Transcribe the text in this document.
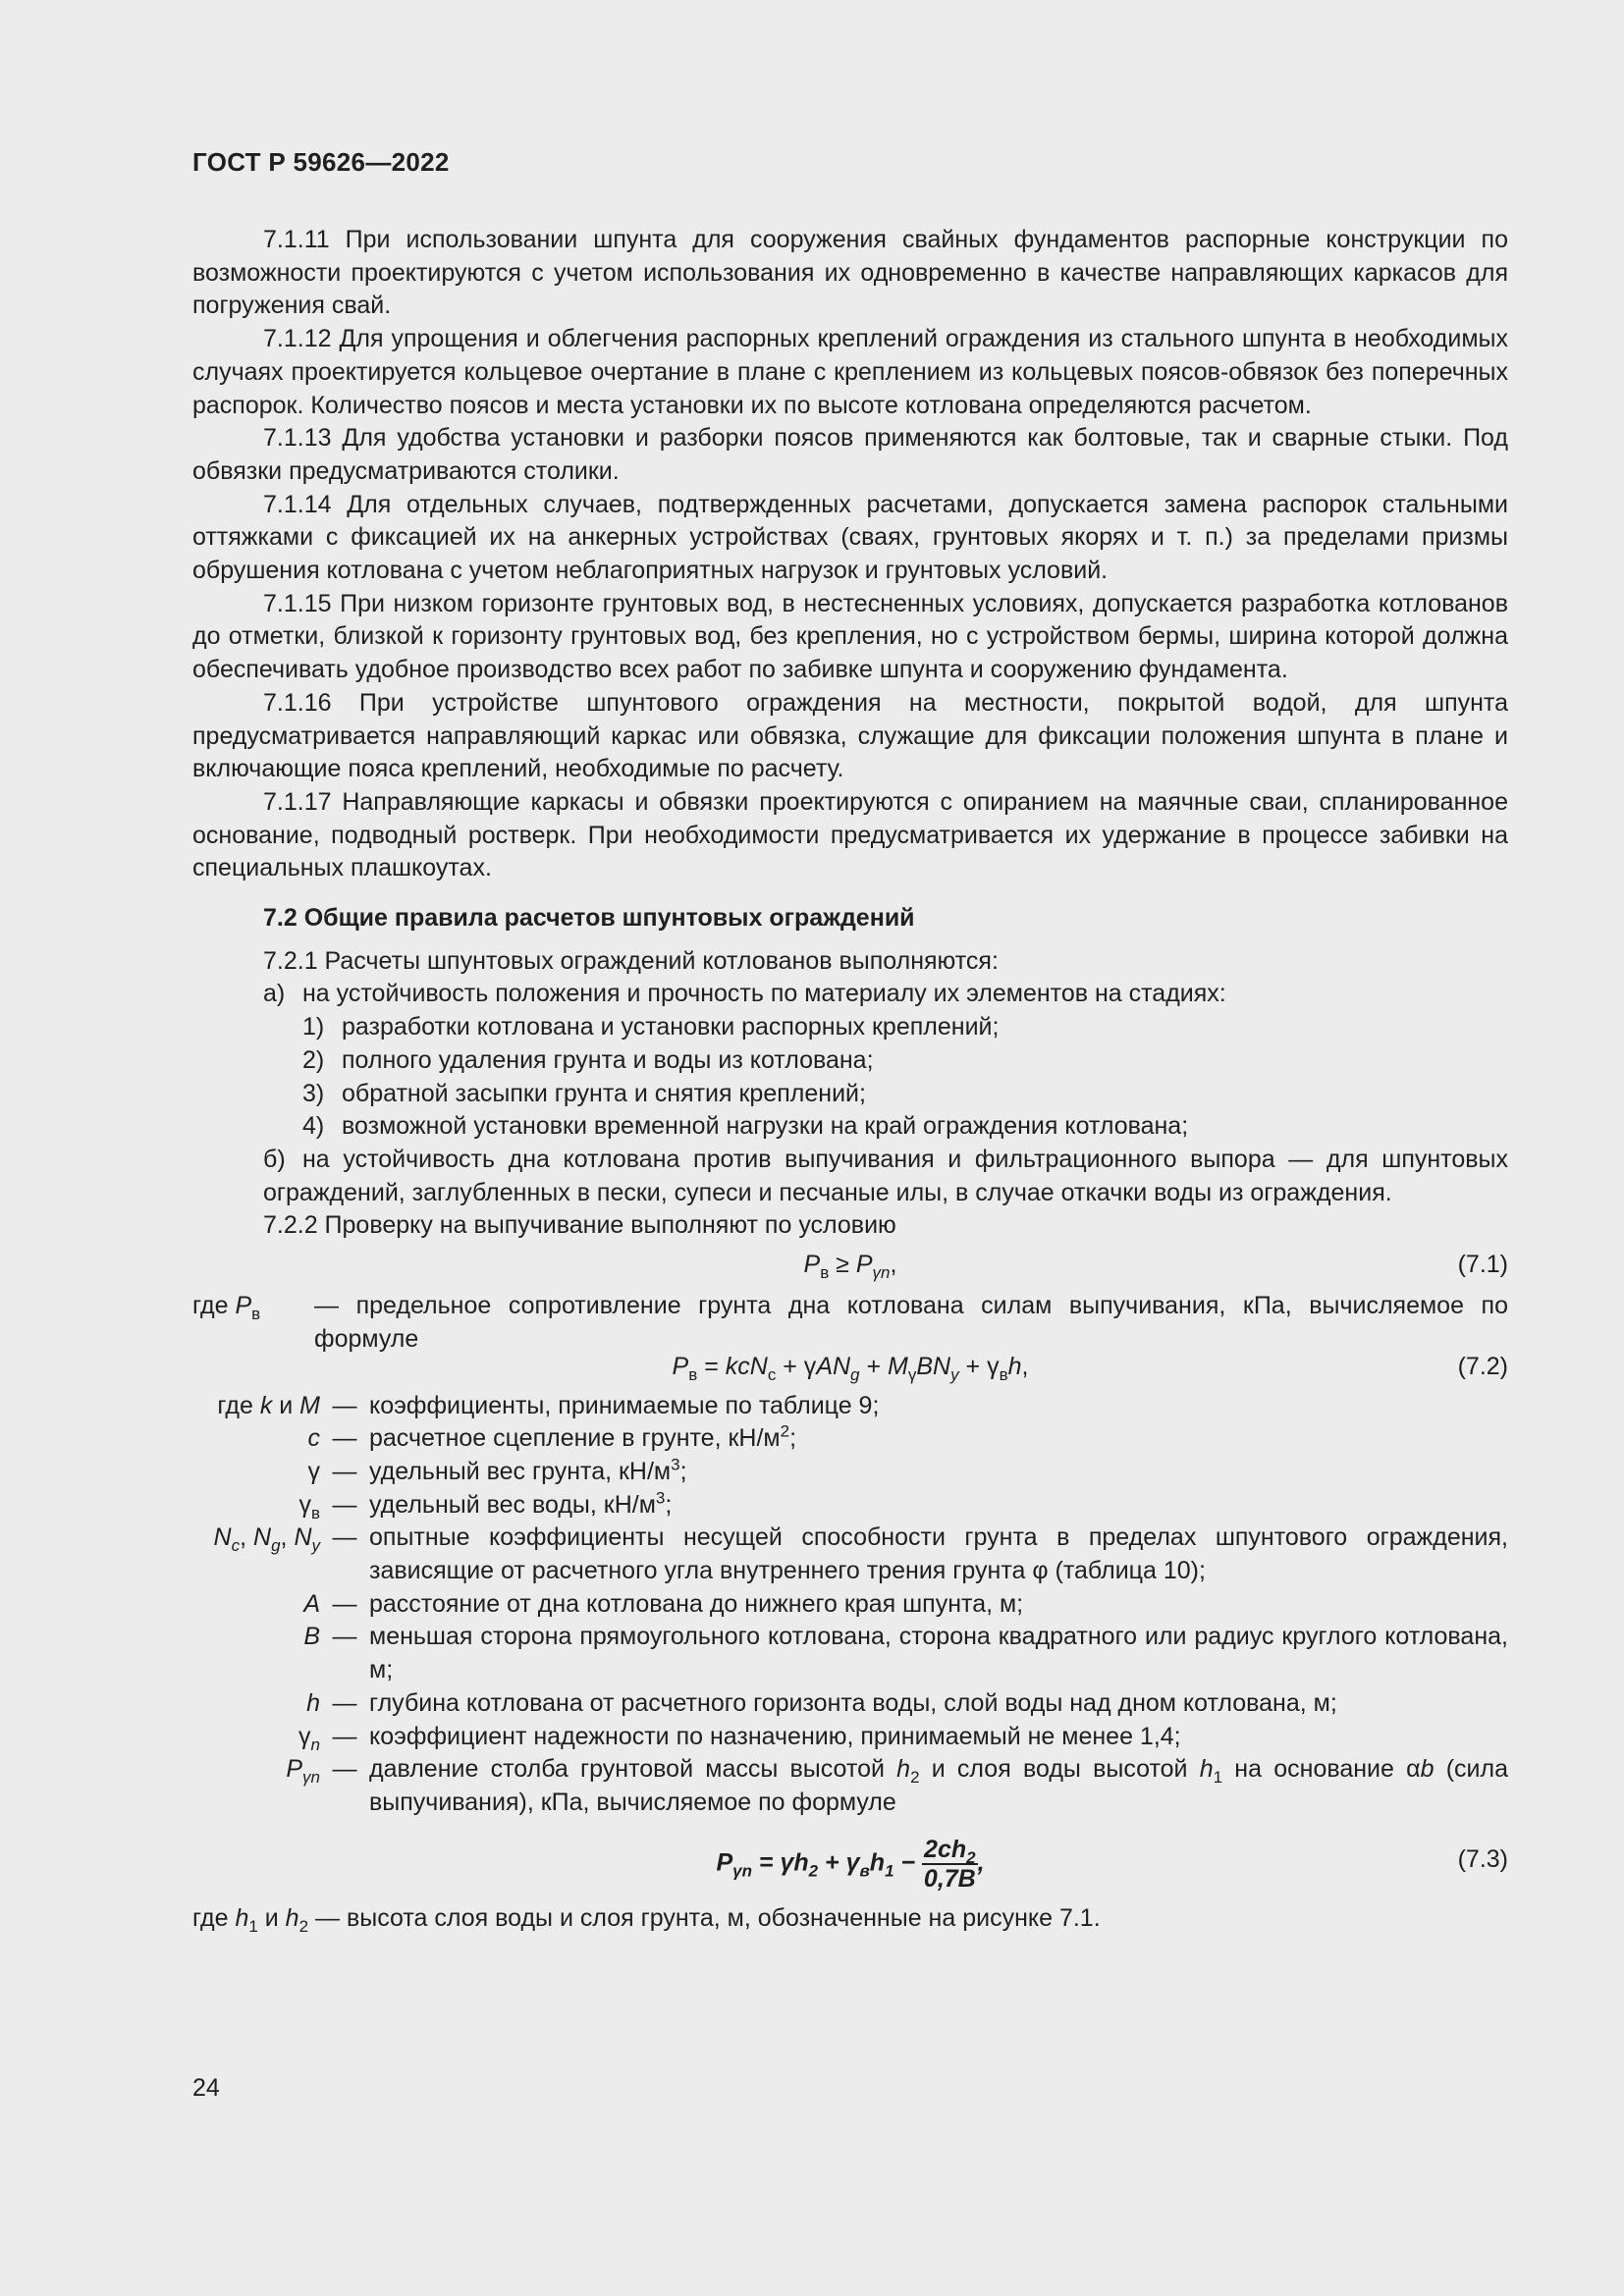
ГОСТ Р 59626—2022

7.1.11 При использовании шпунта для сооружения свайных фундаментов распорные конструкции по возможности проектируются с учетом использования их одновременно в качестве направляющих каркасов для погружения свай.

7.1.12 Для упрощения и облегчения распорных креплений ограждения из стального шпунта в необходимых случаях проектируется кольцевое очертание в плане с креплением из кольцевых поясов-обвязок без поперечных распорок. Количество поясов и места установки их по высоте котлована определяются расчетом.

7.1.13 Для удобства установки и разборки поясов применяются как болтовые, так и сварные стыки. Под обвязки предусматриваются столики.

7.1.14 Для отдельных случаев, подтвержденных расчетами, допускается замена распорок стальными оттяжками с фиксацией их на анкерных устройствах (сваях, грунтовых якорях и т. п.) за пределами призмы обрушения котлована с учетом неблагоприятных нагрузок и грунтовых условий.

7.1.15 При низком горизонте грунтовых вод, в нестесненных условиях, допускается разработка котлованов до отметки, близкой к горизонту грунтовых вод, без крепления, но с устройством бермы, ширина которой должна обеспечивать удобное производство всех работ по забивке шпунта и сооружению фундамента.

7.1.16 При устройстве шпунтового ограждения на местности, покрытой водой, для шпунта предусматривается направляющий каркас или обвязка, служащие для фиксации положения шпунта в плане и включающие пояса креплений, необходимые по расчету.

7.1.17 Направляющие каркасы и обвязки проектируются с опиранием на маячные сваи, спланированное основание, подводный ростверк. При необходимости предусматривается их удержание в процессе забивки на специальных плашкоутах.

7.2 Общие правила расчетов шпунтовых ограждений

7.2.1 Расчеты шпунтовых ограждений котлованов выполняются:

а) на устойчивость положения и прочность по материалу их элементов на стадиях:

1) разработки котлована и установки распорных креплений;

2) полного удаления грунта и воды из котлована;

3) обратной засыпки грунта и снятия креплений;

4) возможной установки временной нагрузки на край ограждения котлована;

б) на устойчивость дна котлована против выпучивания и фильтрационного выпора — для шпунтовых ограждений, заглубленных в пески, супеси и песчаные илы, в случае откачки воды из ограждения.

7.2.2 Проверку на выпучивание выполняют по условию

$P_в \ge P_{\gamma n}$,	(7.1)
где $P_в$	— предельное сопротивление грунта дна котлована силам выпучивания, кПа, вычисляемое по формуле
$P_в = kcN_c + \gamma AN_g + M_\gamma BN_y + \gamma_вh$,	(7.2)
где k и M — коэффициенты, принимаемые по таблице 9;
c — расчетное сцепление в грунте, $кН/м^2$;
γ — удельный вес грунта, $кН/м^3$;
$\gamma_в$ — удельный вес воды, $кН/м^3$;
$N_c$, $N_g$, $N_y$ — опытные коэффициенты несущей способности грунта в пределах шпунтового ограждения, зависящие от расчетного угла внутреннего трения грунта φ (таблица 10);
A — расстояние от дна котлована до нижнего края шпунта, м;
B — меньшая сторона прямоугольного котлована, сторона квадратного или радиус круглого котлована, м;
h — глубина котлована от расчетного горизонта воды, слой воды над дном котлована, м;
$\gamma_n$ — коэффициент надежности по назначению, принимаемый не менее 1,4;
$P_{\gamma n}$ — давление столба грунтовой массы высотой $h_2$ и слоя воды высотой $h_1$ на основание αb (сила выпучивания), кПа, вычисляемое по формуле
$P_{\gamma n} = \gamma h_2 + \gamma_вh_1 - \frac{2ch_2}{0,7B}$ ,	(7.3)
где $h_1$ и $h_2$ — высота слоя воды и слоя грунта, м, обозначенные на рисунке 7.1.
24
